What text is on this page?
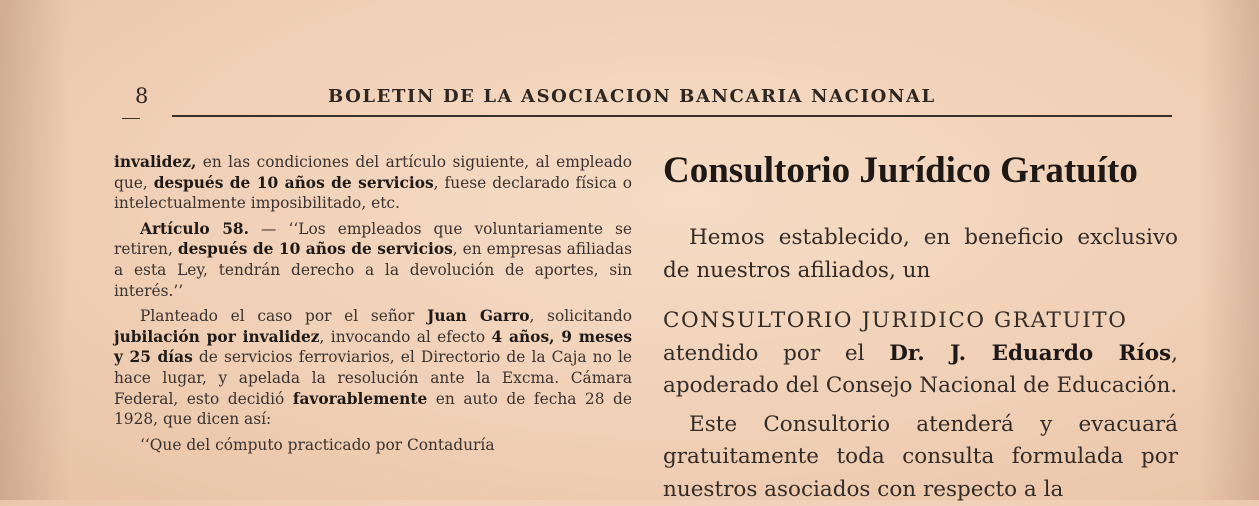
8	BOLETIN DE LA ASOCIACION BANCARIA NACIONAL

invalidez, en las condiciones del artículo siguiente, al empleado que, después de 10 años de servicios, fuese declarado física o intelectualmente imposibilitado, etc.

Artículo 58. — ‘‘Los empleados que voluntariamente se retiren, después de 10 años de servicios, en empresas afiliadas a esta Ley, tendrán derecho a la devolución de aportes, sin interés.’’

Planteado el caso por el señor Juan Garro, solicitando jubilación por invalidez, invocando al efecto 4 años, 9 meses y 25 días de servicios ferroviarios, el Directorio de la Caja no le hace lugar, y apelada la resolución ante la Excma. Cámara Federal, esto decidió favorablemente en auto de fecha 28 de 1928, que dicen así:

‘‘Que del cómputo practicado por Contaduría

Consultorio Jurídico Gratuíto

Hemos establecido, en beneficio exclusivo de nuestros afiliados, un

CONSULTORIO JURIDICO GRATUITO

atendido por el Dr. J. Eduardo Ríos, apoderado del Consejo Nacional de Educación.

Este Consultorio atenderá y evacuará gratuitamente toda consulta formulada por nuestros asociados con respecto a la
